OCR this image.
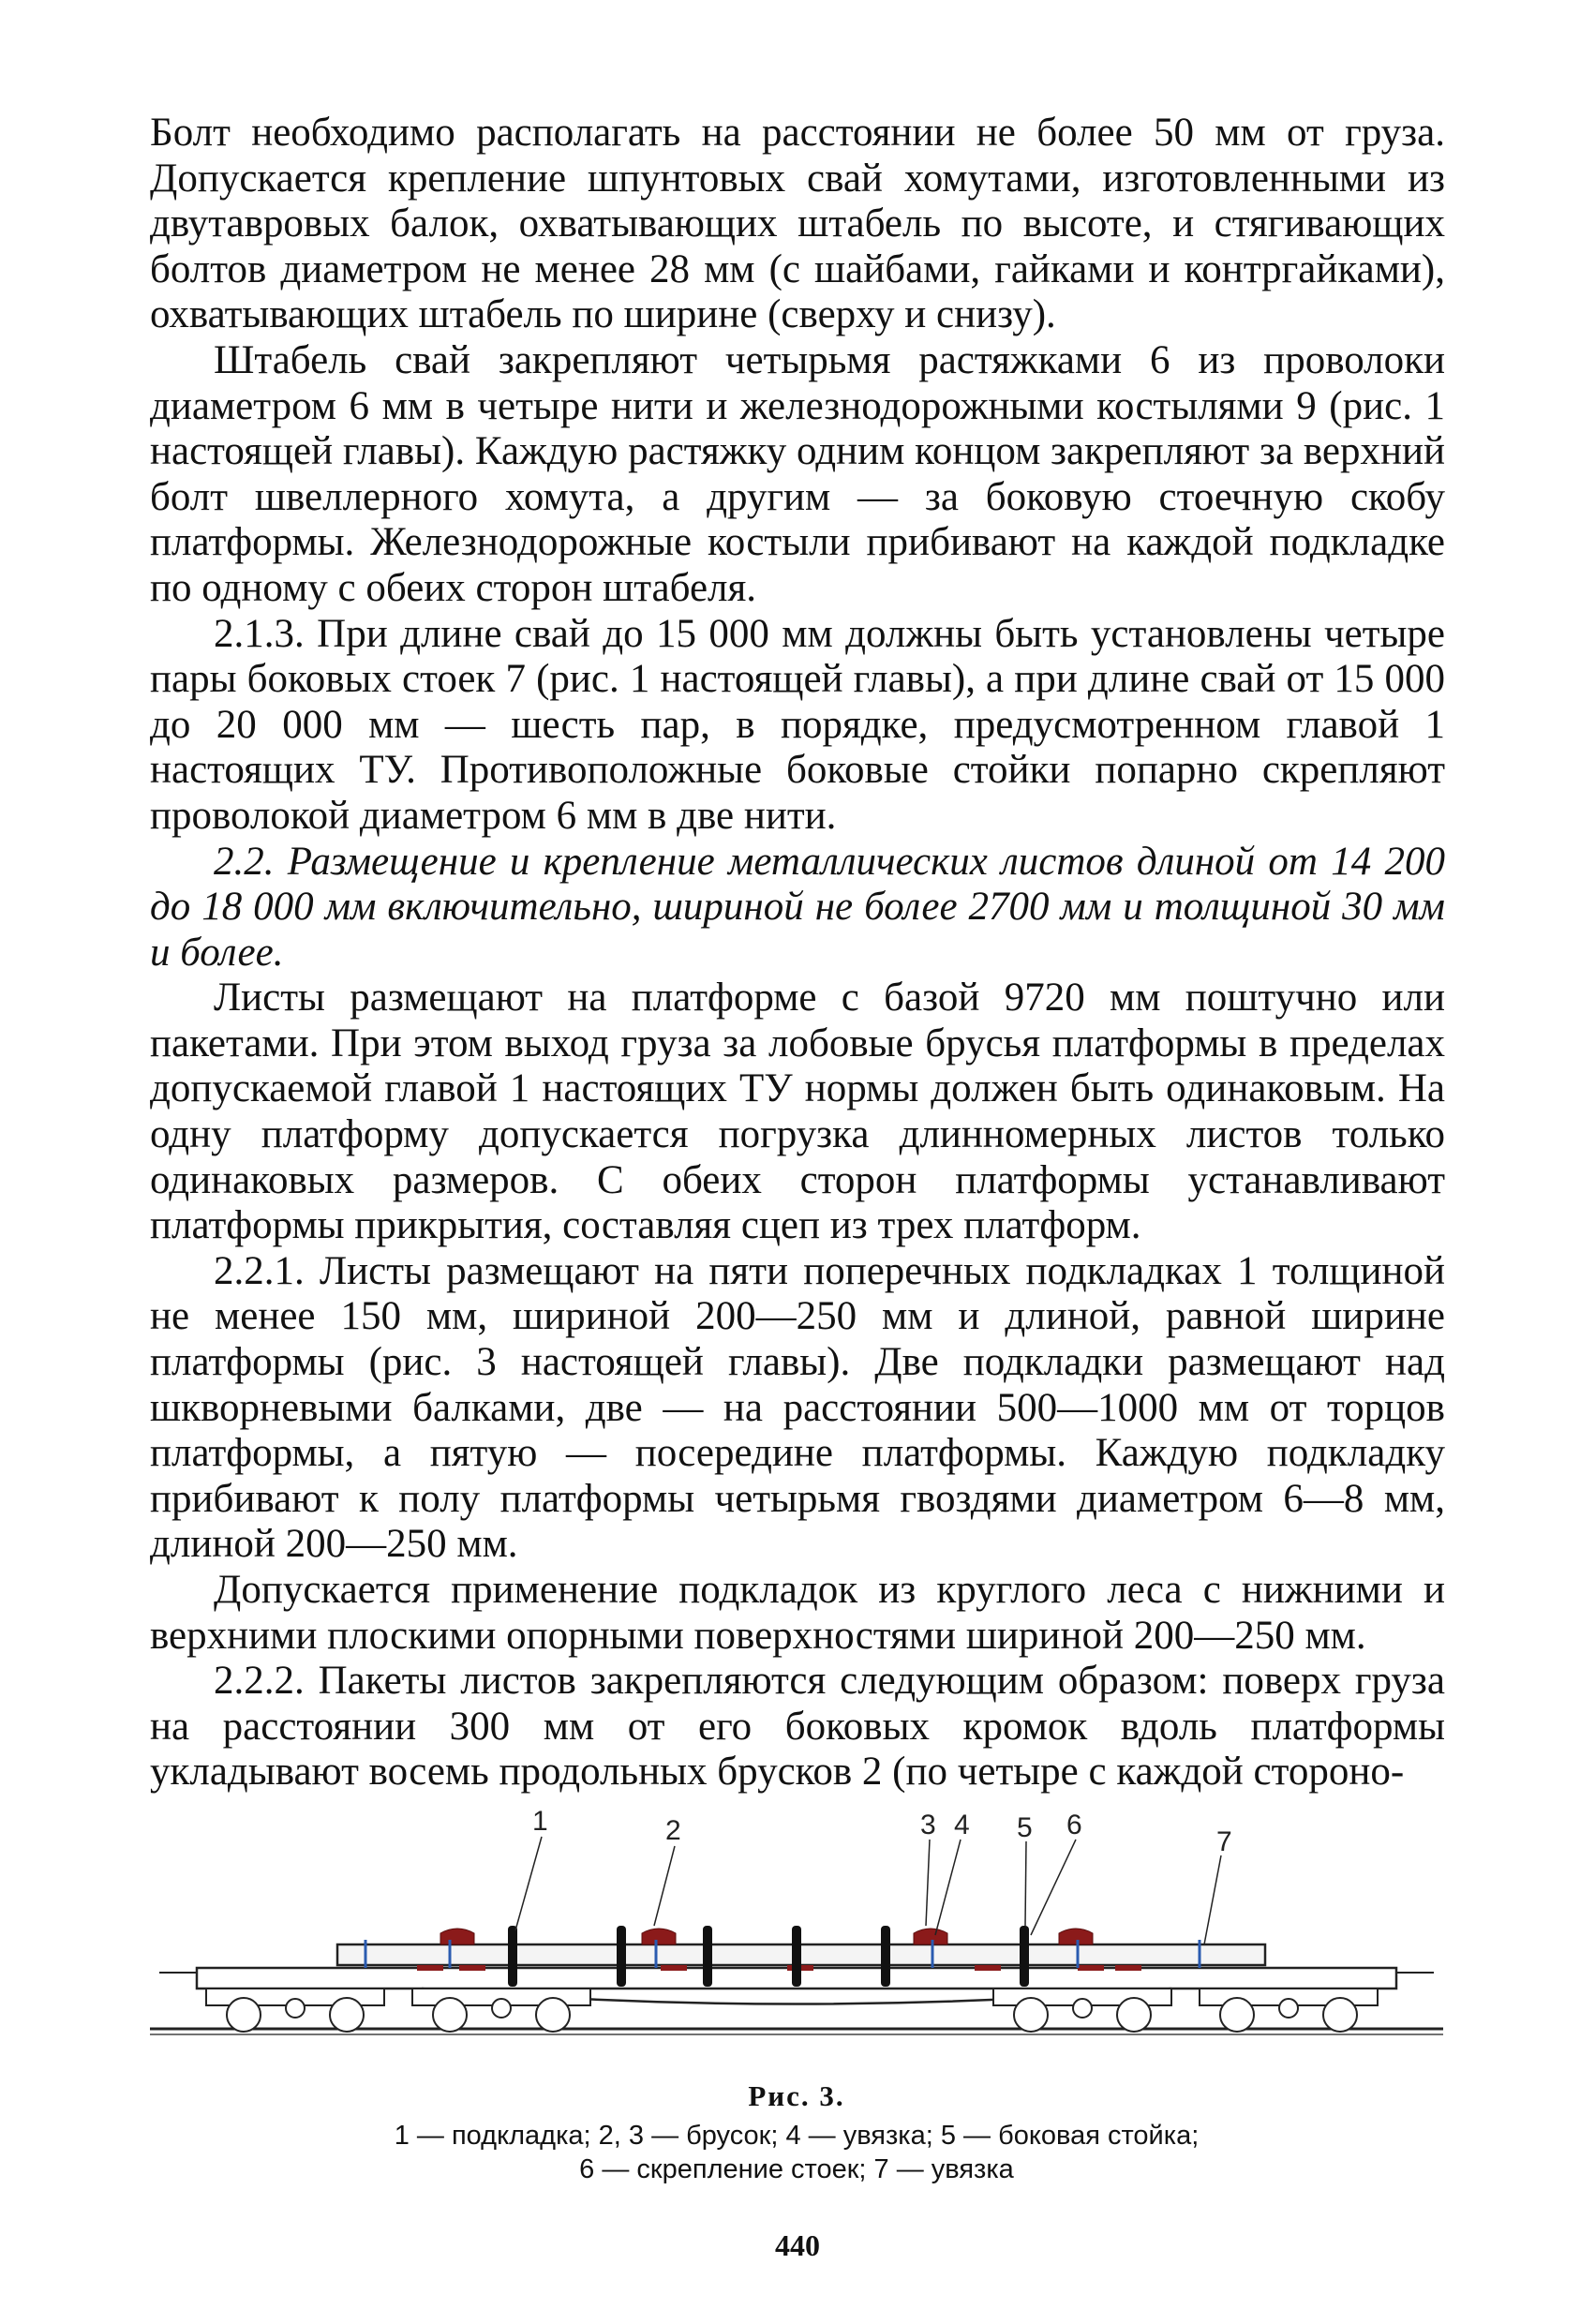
Болт необходимо располагать на расстоянии не более 50 мм от груза. Допускается крепление шпунтовых свай хомутами, изготовленными из двутавровых балок, охватывающих штабель по высоте, и стягивающих болтов диаметром не менее 28 мм (с шайбами, гайками и контргайками), охватывающих штабель по ширине (сверху и снизу).

Штабель свай закрепляют четырьмя растяжками 6 из проволоки диаметром 6 мм в четыре нити и железнодорожными костылями 9 (рис. 1 настоящей главы). Каждую растяжку одним концом закрепляют за верхний болт швеллерного хомута, а другим — за боковую стоечную скобу платформы. Железнодорожные костыли прибивают на каждой подкладке по одному с обеих сторон штабеля.

2.1.3. При длине свай до 15 000 мм должны быть установлены четыре пары боковых стоек 7 (рис. 1 настоящей главы), а при длине свай от 15 000 до 20 000 мм — шесть пар, в порядке, предусмотренном главой 1 настоящих ТУ. Противоположные боковые стойки попарно скрепляют проволокой диаметром 6 мм в две нити.

2.2. Размещение и крепление металлических листов длиной от 14 200 до 18 000 мм включительно, шириной не более 2700 мм и толщиной 30 мм и более.

Листы размещают на платформе с базой 9720 мм поштучно или пакетами. При этом выход груза за лобовые брусья платформы в пределах допускаемой главой 1 настоящих ТУ нормы должен быть одинаковым. На одну платформу допускается погрузка длинномерных листов только одинаковых размеров. С обеих сторон платформы устанавливают платформы прикрытия, составляя сцеп из трех платформ.

2.2.1. Листы размещают на пяти поперечных подкладках 1 толщиной не менее 150 мм, шириной 200—250 мм и длиной, равной ширине платформы (рис. 3 настоящей главы). Две подкладки размещают над шкворневыми балками, две — на расстоянии 500—1000 мм от торцов платформы, а пятую — посередине платформы. Каждую подкладку прибивают к полу платформы четырьмя гвоздями диаметром 6—8 мм, длиной 200—250 мм.

Допускается применение подкладок из круглого леса с нижними и верхними плоскими опорными поверхностями шириной 200—250 мм.

2.2.2. Пакеты листов закрепляются следующим образом: поверх груза на расстоянии 300 мм от его боковых кромок вдоль платформы укладывают восемь продольных брусков 2 (по четыре с каждой стороно-

1	2	3 4 5 6
7
Рис. 3.
1 — подкладка; 2, 3 — брусок; 4 — увязка; 5 — боковая стойка;
6 — скрепление стоек; 7 — увязка
440
